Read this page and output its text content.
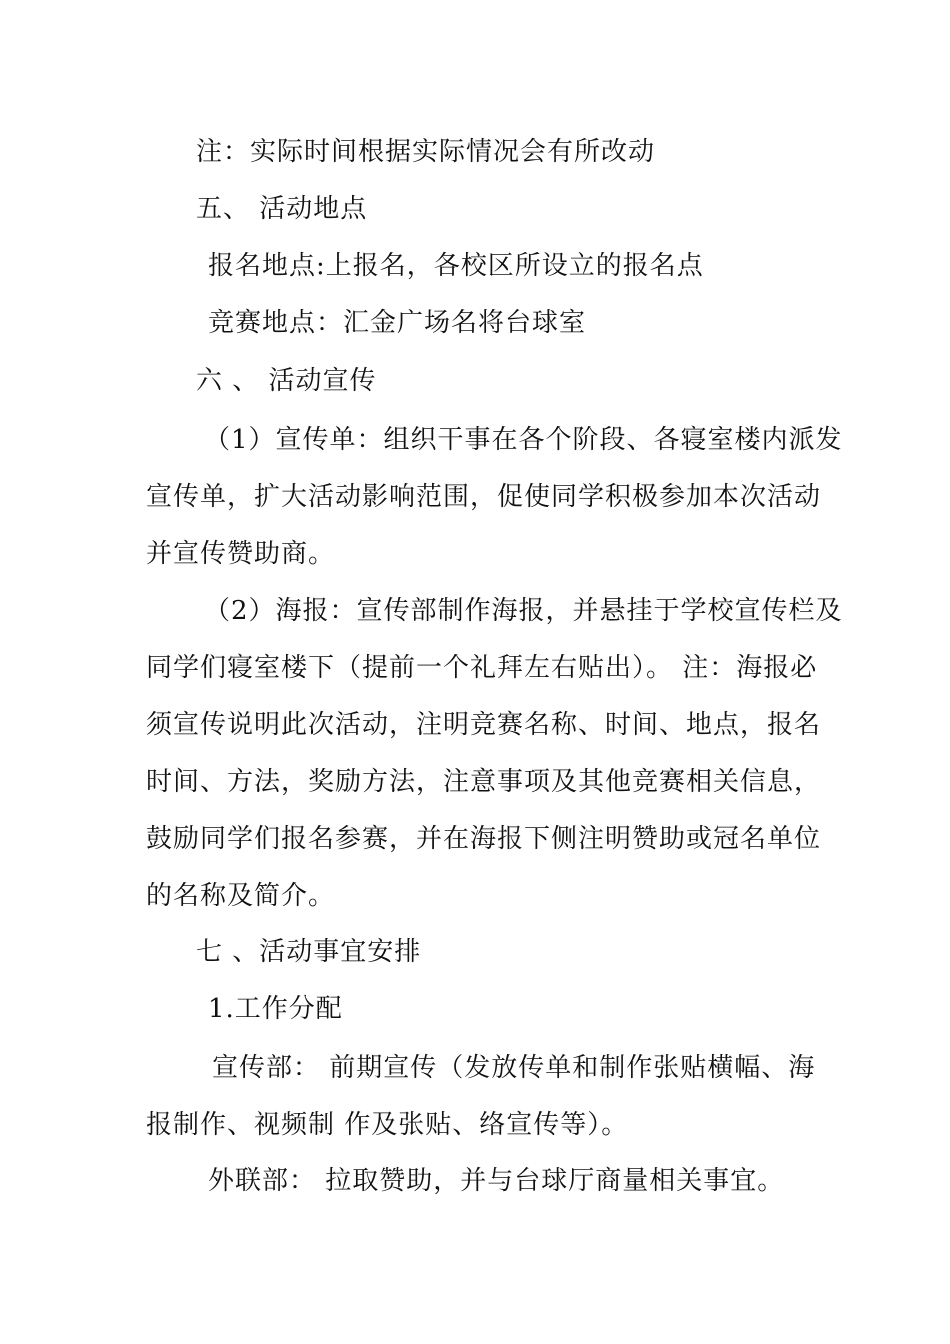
注：实际时间根据实际情况会有所改动
五、 活动地点
报名地点:上报名，各校区所设立的报名点
竞赛地点：汇金广场名将台球室
六 、 活动宣传
（1）宣传单：组织干事在各个阶段、各寝室楼内派发
宣传单，扩大活动影响范围，促使同学积极参加本次活动
并宣传赞助商。
（2）海报：宣传部制作海报，并悬挂于学校宣传栏及
同学们寝室楼下（提前一个礼拜左右贴出）。 注：海报必
须宣传说明此次活动，注明竞赛名称、时间、地点，报名
时间、方法，奖励方法，注意事项及其他竞赛相关信息，
鼓励同学们报名参赛，并在海报下侧注明赞助或冠名单位
的名称及简介。
七 、活动事宜安排
1.工作分配
宣传部： 前期宣传（发放传单和制作张贴横幅、海
报制作、视频制 作及张贴、络宣传等）。
外联部： 拉取赞助，并与台球厅商量相关事宜。
